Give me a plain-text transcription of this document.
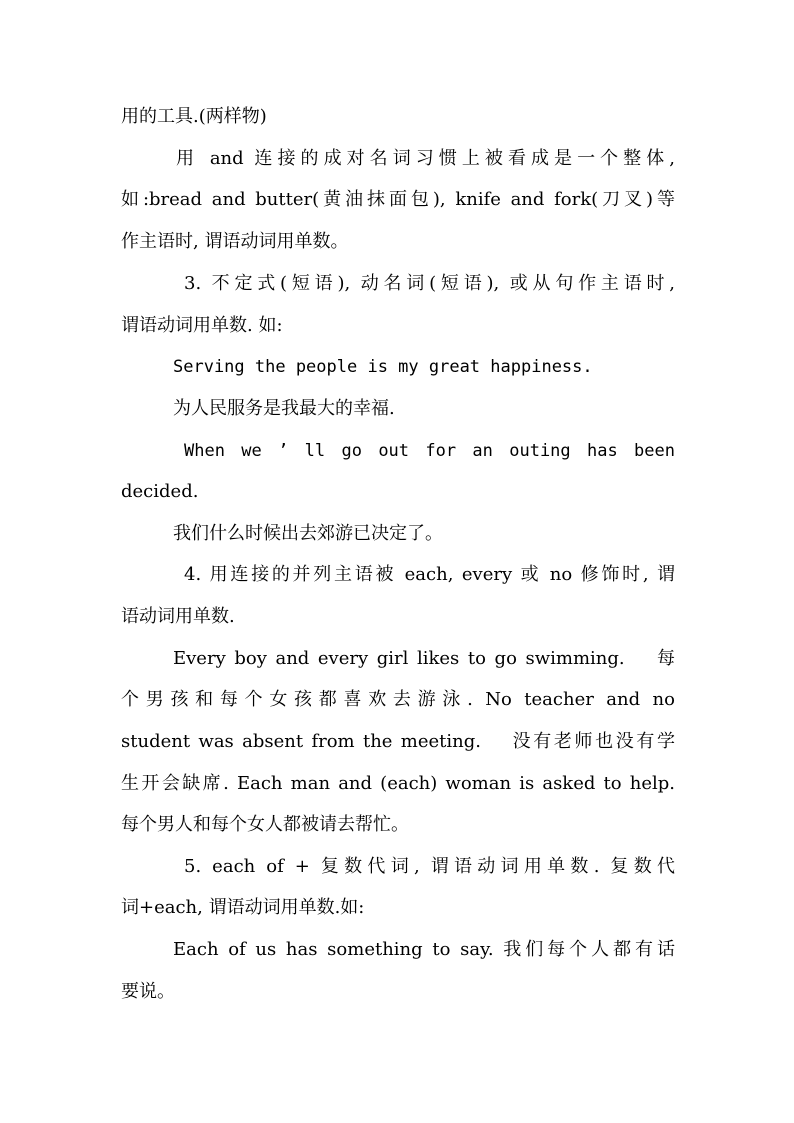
用的工具.(两样物)
用 and 连接的成对名词习惯上被看成是一个整体,
如:bread and butter(黄油抹面包), knife and fork(刀叉)等
作主语时, 谓语动词用单数。
3. 不定式(短语), 动名词(短语), 或从句作主语时,
谓语动词用单数. 如:
Serving the people is my great happiness.
为人民服务是我最大的幸福.
When we ’ ll go out for an outing has been
decided.
我们什么时候出去郊游已决定了。
4. 用连接的并列主语被 each, every 或 no 修饰时, 谓
语动词用单数.
Every boy and every girl likes to go swimming.　 每
个男孩和每个女孩都喜欢去游泳. No teacher and no
student was absent from the meeting.　 没有老师也没有学
生开会缺席. Each man and (each) woman is asked to help.
每个男人和每个女人都被请去帮忙。
5. each of + 复数代词, 谓语动词用单数. 复数代
词+each, 谓语动词用单数.如:
Each of us has something to say. 我们每个人都有话
要说。
